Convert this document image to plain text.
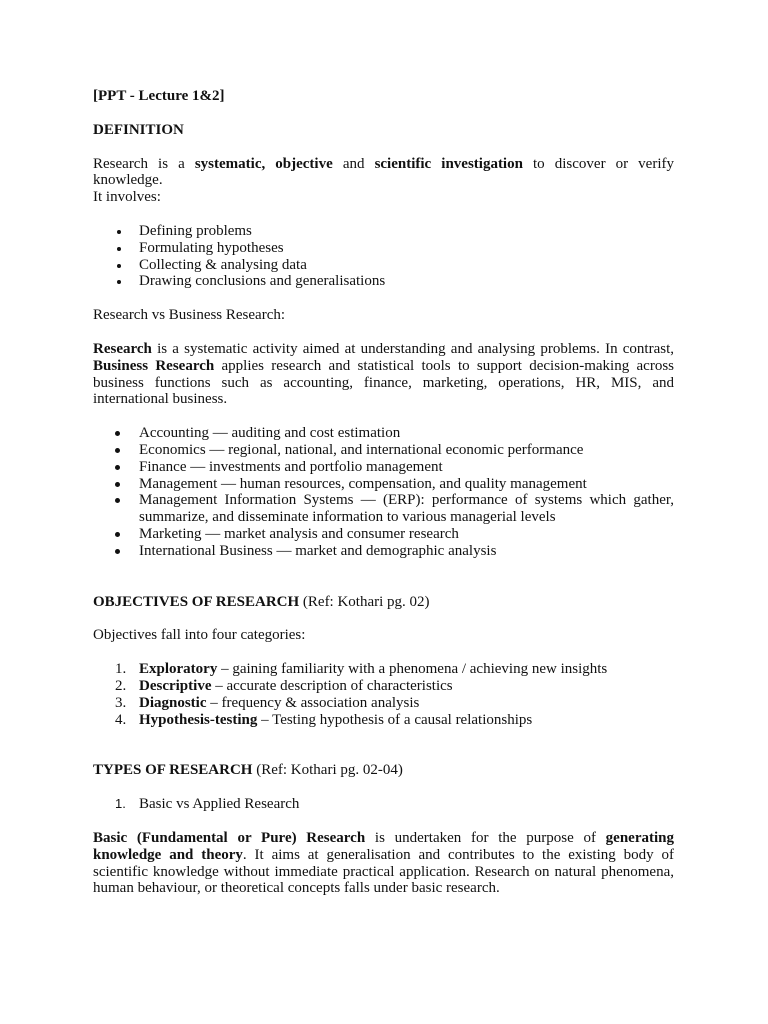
[PPT - Lecture 1&2]

DEFINITION

Research is a systematic, objective and scientific investigation to discover or verify knowledge.

It involves:

Defining problems
Formulating hypotheses
Collecting & analysing data
Drawing conclusions and generalisations

Research vs Business Research:

Research is a systematic activity aimed at understanding and analysing problems. In contrast, Business Research applies research and statistical tools to support decision-making across business functions such as accounting, finance, marketing, operations, HR, MIS, and international business.

Accounting — auditing and cost estimation
Economics — regional, national, and international economic performance
Finance — investments and portfolio management
Management — human resources, compensation, and quality management
Management Information Systems — (ERP): performance of systems which gather, summarize, and disseminate information to various managerial levels
Marketing — market analysis and consumer research
International Business — market and demographic analysis

OBJECTIVES OF RESEARCH (Ref: Kothari pg. 02)

Objectives fall into four categories:

1. Exploratory – gaining familiarity with a phenomena / achieving new insights
2. Descriptive – accurate description of characteristics
3. Diagnostic – frequency & association analysis
4. Hypothesis-testing – Testing hypothesis of a causal relationships

TYPES OF RESEARCH (Ref: Kothari pg. 02-04)

1. Basic vs Applied Research

Basic (Fundamental or Pure) Research is undertaken for the purpose of generating knowledge and theory. It aims at generalisation and contributes to the existing body of scientific knowledge without immediate practical application. Research on natural phenomena, human behaviour, or theoretical concepts falls under basic research.
